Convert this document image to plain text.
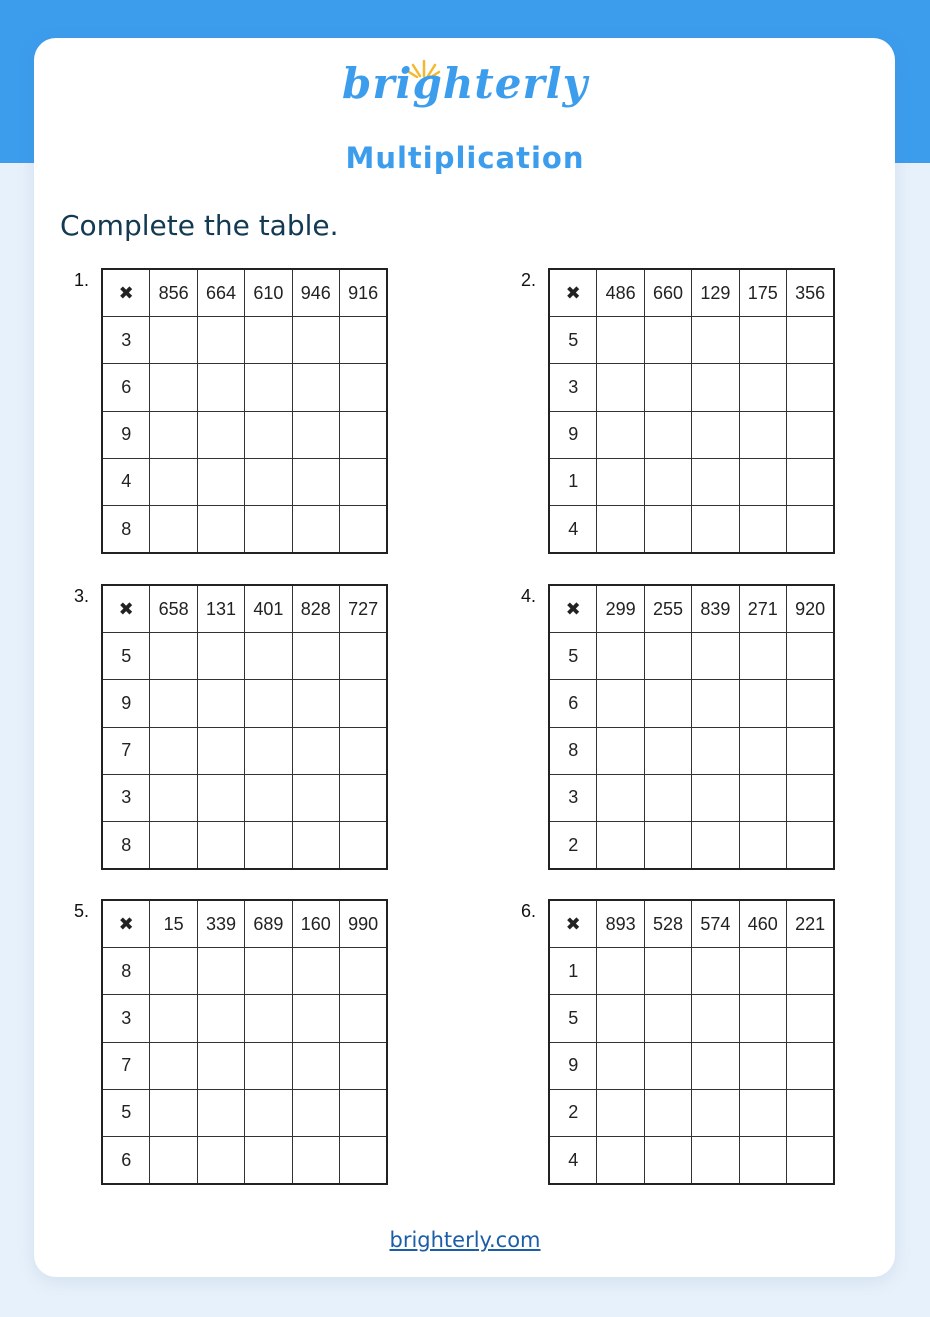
brighterly
Multiplication
Complete the table.
1.
✖	856	664	610	946	916
3					
6					
9					
4					
8					
2.
✖	486	660	129	175	356
5					
3					
9					
1					
4					
3.
✖	658	131	401	828	727
5					
9					
7					
3					
8					
4.
✖	299	255	839	271	920
5					
6					
8					
3					
2					
5.
✖	15	339	689	160	990
8					
3					
7					
5					
6					
6.
✖	893	528	574	460	221
1					
5					
9					
2					
4					
brighterly.com
